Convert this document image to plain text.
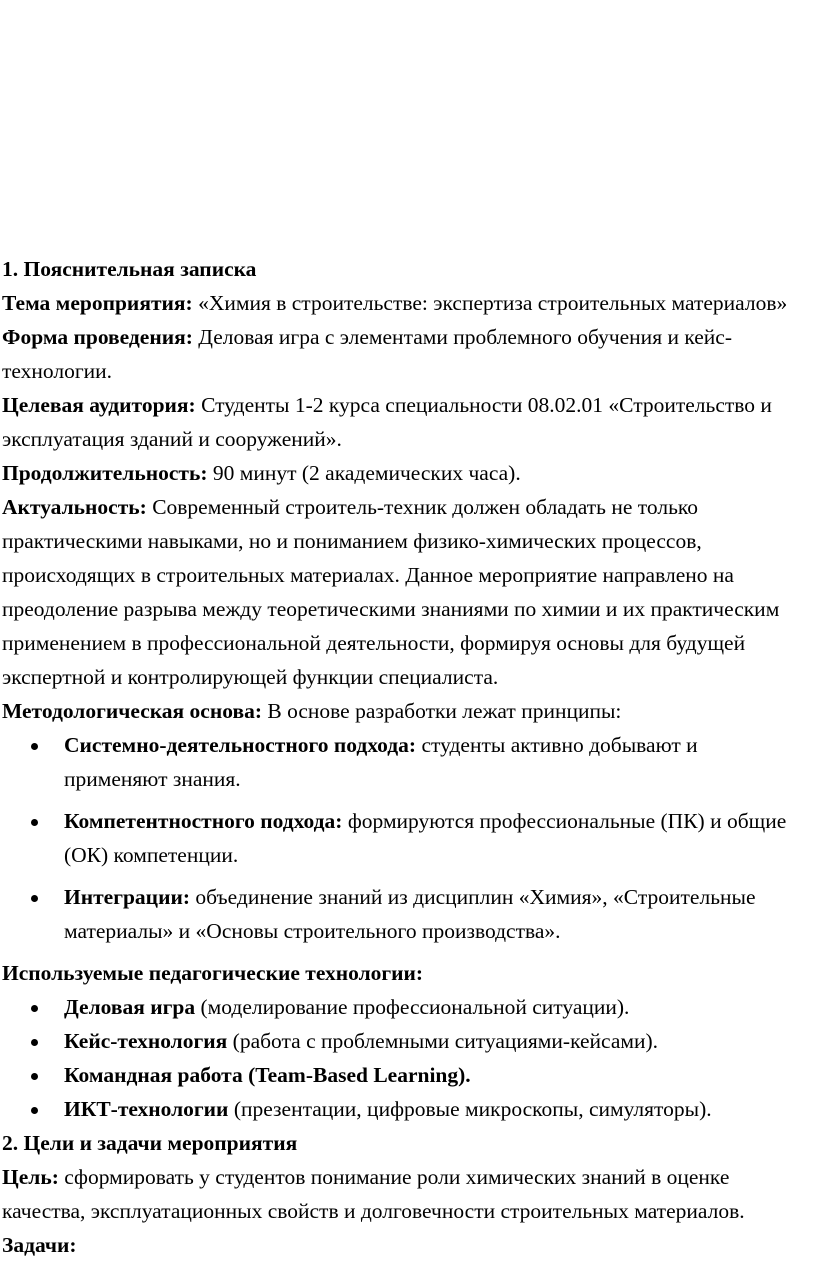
1. Пояснительная записка

Тема мероприятия: «Химия в строительстве: экспертиза строительных материалов»

Форма проведения: Деловая игра с элементами проблемного обучения и кейс-технологии.

Целевая аудитория: Студенты 1-2 курса специальности 08.02.01 «Строительство и эксплуатация зданий и сооружений».

Продолжительность: 90 минут (2 академических часа).

Актуальность: Современный строитель-техник должен обладать не только практическими навыками, но и пониманием физико-химических процессов, происходящих в строительных материалах. Данное мероприятие направлено на преодоление разрыва между теоретическими знаниями по химии и их практическим применением в профессиональной деятельности, формируя основы для будущей экспертной и контролирующей функции специалиста.

Методологическая основа: В основе разработки лежат принципы:

Системно-деятельностного подхода: студенты активно добывают и применяют знания.
Компетентностного подхода: формируются профессиональные (ПК) и общие (ОК) компетенции.
Интеграции: объединение знаний из дисциплин «Химия», «Строительные материалы» и «Основы строительного производства».

Используемые педагогические технологии:

Деловая игра (моделирование профессиональной ситуации).
Кейс-технология (работа с проблемными ситуациями-кейсами).
Командная работа (Team-Based Learning).
ИКТ-технологии (презентации, цифровые микроскопы, симуляторы).

2. Цели и задачи мероприятия

Цель: сформировать у студентов понимание роли химических знаний в оценке качества, эксплуатационных свойств и долговечности строительных материалов.

Задачи:
